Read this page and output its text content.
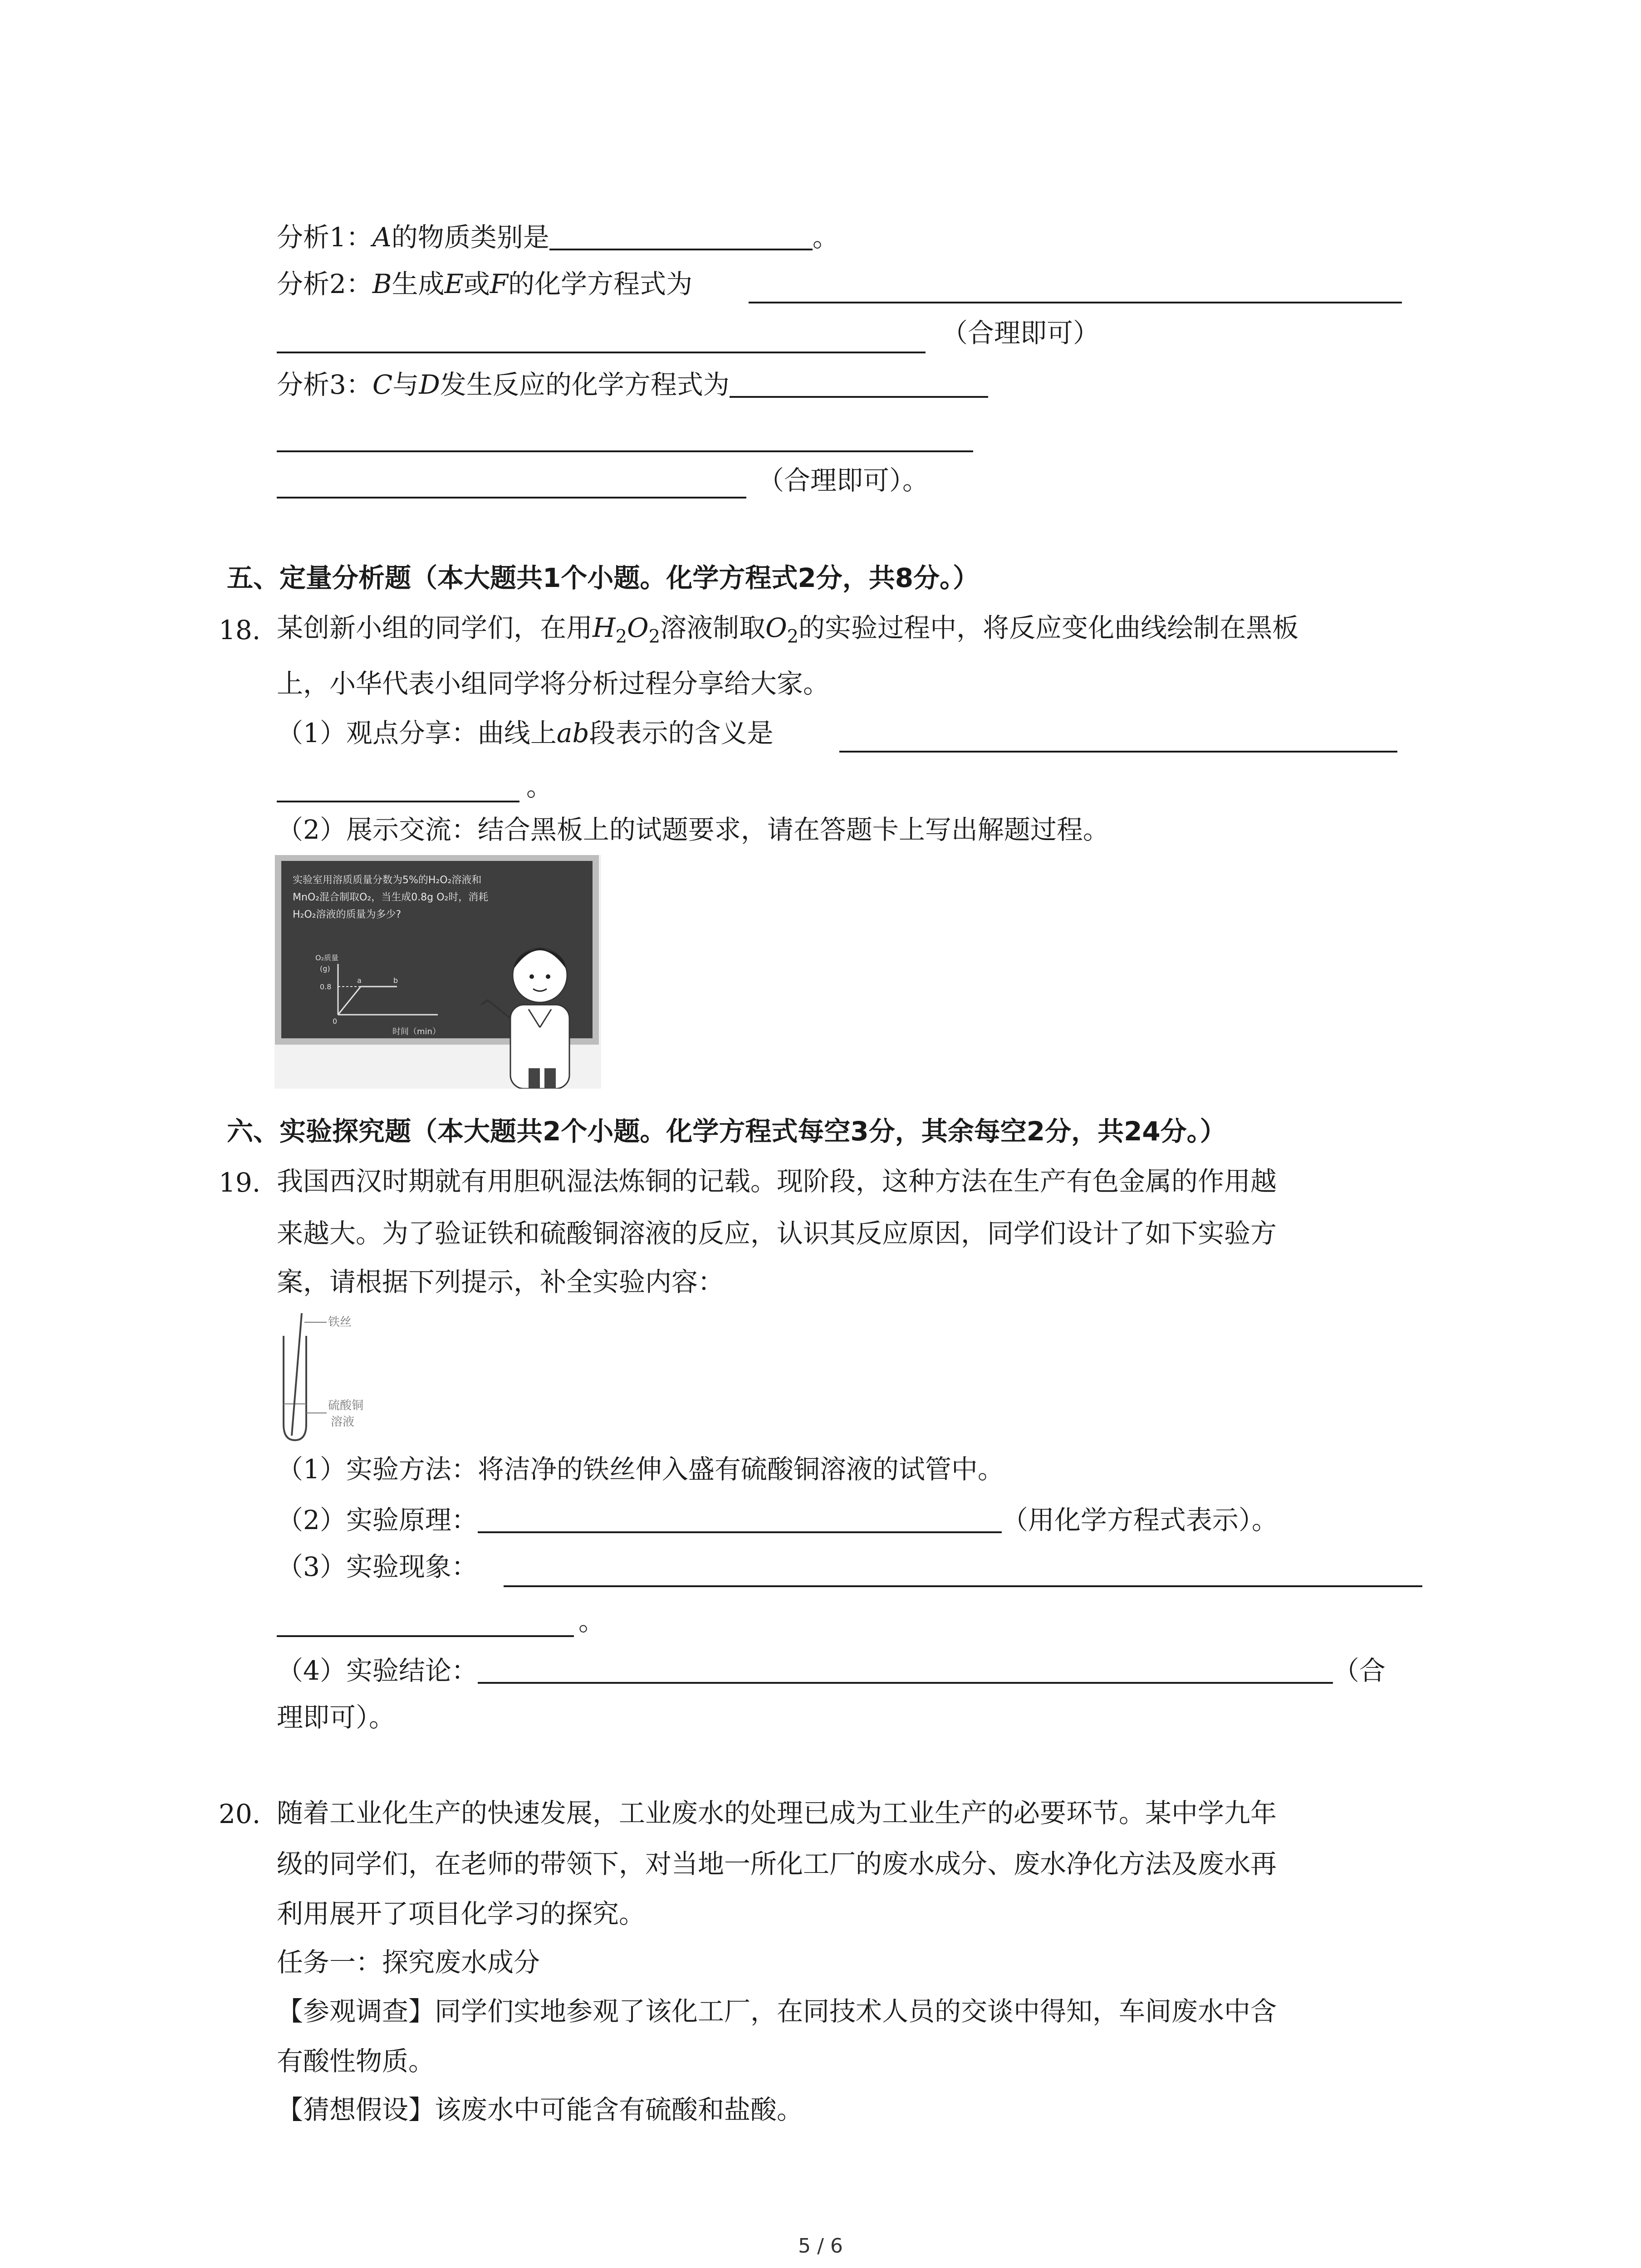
分析1：A的物质类别是	。
分析2：B生成E或F的化学方程式为
（合理即可）
分析3：C与D发生反应的化学方程式为
（合理即可）。
五、定量分析题（本大题共1个小题。化学方程式2分，共8分。）
18. 某创新小组的同学们，在用$H_2O_2$溶液制取$O_2$的实验过程中，将反应变化曲线绘制在黑板
上，小华代表小组同学将分析过程分享给大家。
（1）观点分享：曲线上ab段表示的含义是
。
（2）展示交流：结合黑板上的试题要求，请在答题卡上写出解题过程。
实验室用溶质质量分数为5%的H₂O₂溶液和
MnO₂混合制取O₂，当生成0.8g O₂时，消耗
H₂O₂溶液的质量为多少?
O₂质量
(g)
0.8
0
a	b
时间（min）
六、实验探究题（本大题共2个小题。化学方程式每空3分，其余每空2分，共24分。）
19. 我国西汉时期就有用胆矾湿法炼铜的记载。现阶段，这种方法在生产有色金属的作用越
来越大。为了验证铁和硫酸铜溶液的反应，认识其反应原因，同学们设计了如下实验方
案，请根据下列提示，补全实验内容：
铁丝
硫酸铜
溶液
（1）实验方法：将洁净的铁丝伸入盛有硫酸铜溶液的试管中。
（2）实验原理：	（用化学方程式表示）。
（3）实验现象：
。
（4）实验结论：	（合
理即可）。
20. 随着工业化生产的快速发展，工业废水的处理已成为工业生产的必要环节。某中学九年
级的同学们，在老师的带领下，对当地一所化工厂的废水成分、废水净化方法及废水再
利用展开了项目化学习的探究。
任务一：探究废水成分
【参观调查】同学们实地参观了该化工厂，在同技术人员的交谈中得知，车间废水中含
有酸性物质。
【猜想假设】该废水中可能含有硫酸和盐酸。
5 / 6
